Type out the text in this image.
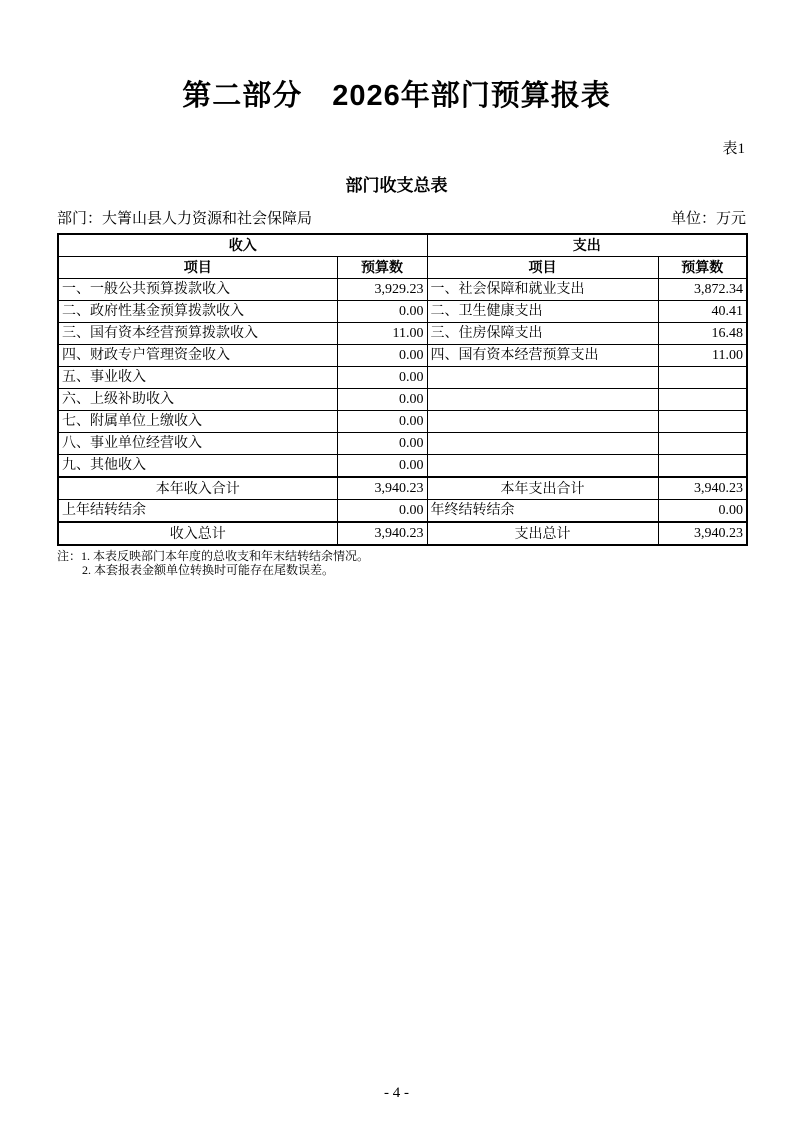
第二部分　2026年部门预算报表
表1
部门收支总表
部门：大箐山县人力资源和社会保障局	单位：万元
收入		支出	
项目	预算数	项目	预算数
一、一般公共预算拨款收入	3,929.23	一、社会保障和就业支出	3,872.34
二、政府性基金预算拨款收入	0.00	二、卫生健康支出	40.41
三、国有资本经营预算拨款收入	11.00	三、住房保障支出	16.48
四、财政专户管理资金收入	0.00	四、国有资本经营预算支出	11.00
五、事业收入	0.00		
六、上级补助收入	0.00		
七、附属单位上缴收入	0.00		
八、事业单位经营收入	0.00		
九、其他收入	0.00		
本年收入合计	3,940.23	本年支出合计	3,940.23
上年结转结余	0.00	年终结转结余	0.00
收入总计	3,940.23	支出总计	3,940.23
注：1. 本表反映部门本年度的总收支和年末结转结余情况。
2. 本套报表金额单位转换时可能存在尾数误差。
- 4 -
